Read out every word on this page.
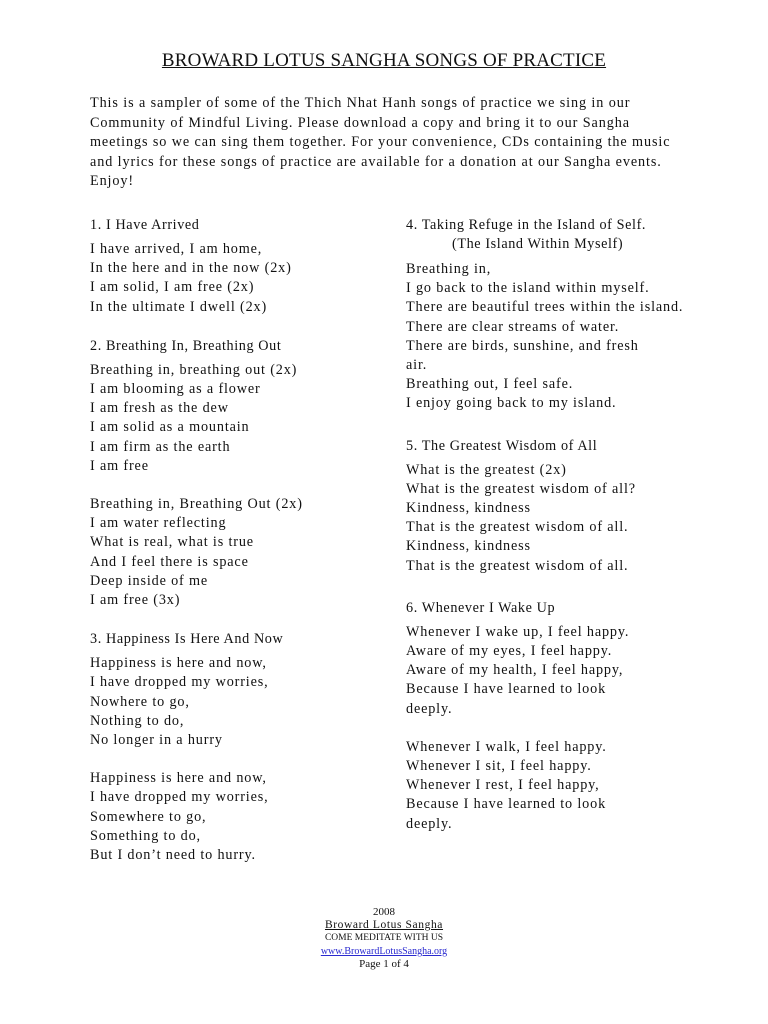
BROWARD LOTUS SANGHA SONGS OF PRACTICE

This is a sampler of some of the Thich Nhat Hanh songs of practice we sing in our Community of Mindful Living. Please download a copy and bring it to our Sangha meetings so we can sing them together. For your convenience, CDs containing the music and lyrics for these songs of practice are available for a donation at our Sangha events. Enjoy!

1. I Have Arrived
I have arrived, I am home,
In the here and in the now (2x)
I am solid, I am free (2x)
In the ultimate I dwell (2x)
2. Breathing In, Breathing Out
Breathing in, breathing out (2x)
I am blooming as a flower
I am fresh as the dew
I am solid as a mountain
I am firm as the earth
I am free
Breathing in, Breathing Out (2x)
I am water reflecting
What is real, what is true
And I feel there is space
Deep inside of me
I am free (3x)
3. Happiness Is Here And Now
Happiness is here and now,
I have dropped my worries,
Nowhere to go,
Nothing to do,
No longer in a hurry
Happiness is here and now,
I have dropped my worries,
Somewhere to go,
Something to do,
But I don’t need to hurry.
4. Taking Refuge in the Island of Self.
(The Island Within Myself)
Breathing in,
I go back to the island within myself.
There are beautiful trees within the island.
There are clear streams of water.
There are birds, sunshine, and fresh
air.
Breathing out, I feel safe.
I enjoy going back to my island.
5. The Greatest Wisdom of All
What is the greatest (2x)
What is the greatest wisdom of all?
Kindness, kindness
That is the greatest wisdom of all.
Kindness, kindness
That is the greatest wisdom of all.
6. Whenever I Wake Up
Whenever I wake up, I feel happy.
Aware of my eyes, I feel happy.
Aware of my health, I feel happy,
Because I have learned to look
deeply.
Whenever I walk, I feel happy.
Whenever I sit, I feel happy.
Whenever I rest, I feel happy,
Because I have learned to look
deeply.
2008
Broward Lotus Sangha
COME MEDITATE WITH US
www.BrowardLotusSangha.org
Page 1 of 4
